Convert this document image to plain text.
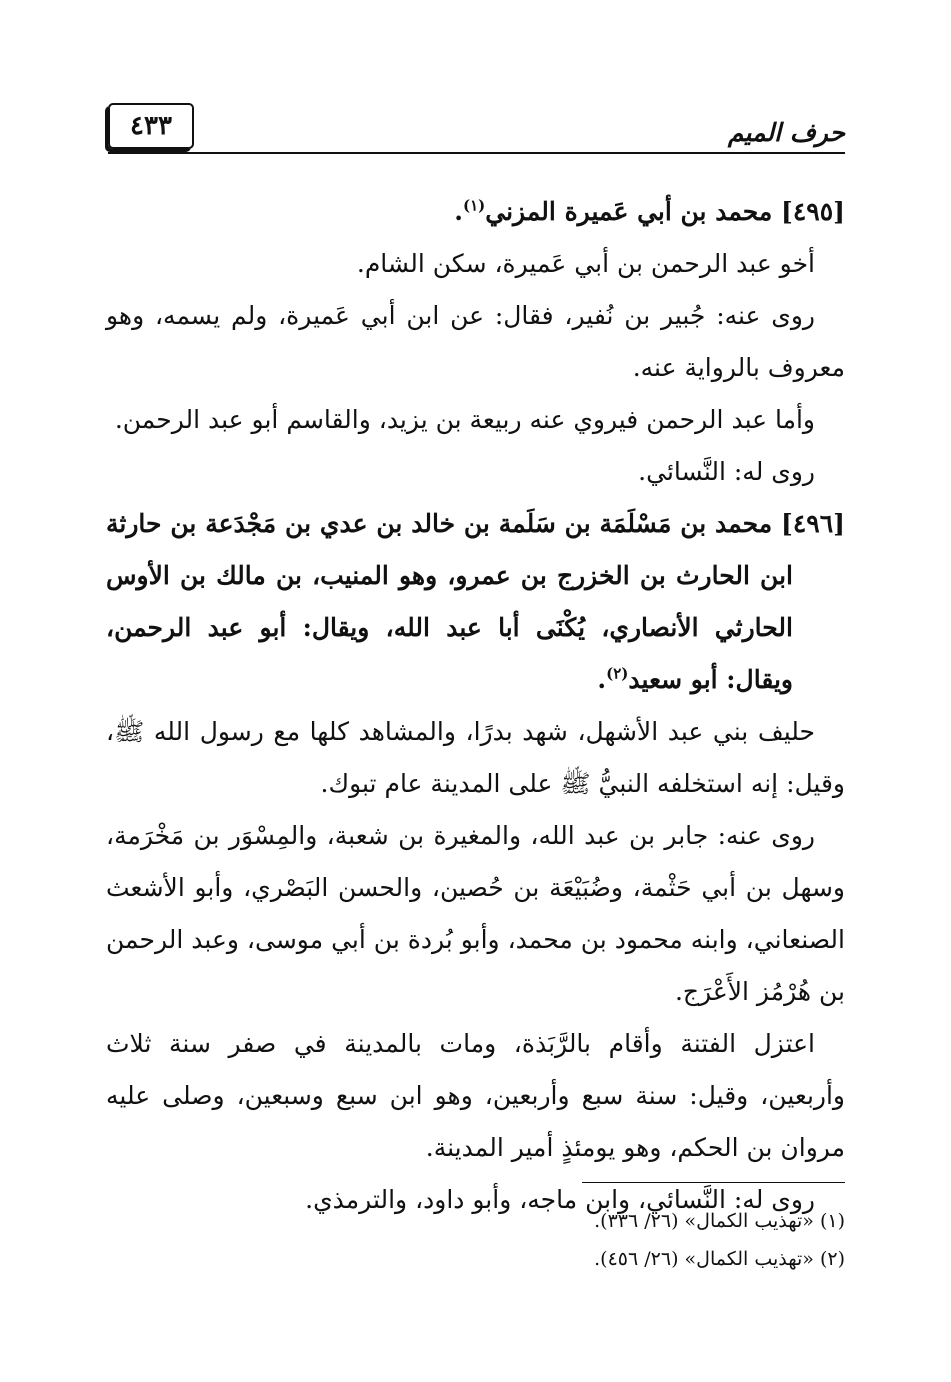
حرف الميم
٤٣٣

[٤٩٥] محمد بن أبي عَميرة المزني$^{(١)}$.

أخو عبد الرحمن بن أبي عَميرة، سكن الشام.

روى عنه: جُبير بن نُفير، فقال: عن ابن أبي عَميرة، ولم يسمه، وهو معروف بالرواية عنه.

وأما عبد الرحمن فيروي عنه ربيعة بن يزيد، والقاسم أبو عبد الرحمن.

روى له: النَّسائي.

[٤٩٦] محمد بن مَسْلَمَة بن سَلَمة بن خالد بن عدي بن مَجْدَعة بن حارثة ابن الحارث بن الخزرج بن عمرو، وهو المنيب، بن مالك بن الأوس الحارثي الأنصاري، يُكْنَى أبا عبد الله، ويقال: أبو عبد الرحمن، ويقال: أبو سعيد$^{(٢)}$.

حليف بني عبد الأشهل، شهد بدرًا، والمشاهد كلها مع رسول الله ﷺ، وقيل: إنه استخلفه النبيُّ ﷺ على المدينة عام تبوك.

روى عنه: جابر بن عبد الله، والمغيرة بن شعبة، والمِسْوَر بن مَخْرَمة، وسهل بن أبي حَثْمة، وضُبَيْعَة بن حُصين، والحسن البَصْري، وأبو الأشعث الصنعاني، وابنه محمود بن محمد، وأبو بُردة بن أبي موسى، وعبد الرحمن بن هُرْمُز الأَعْرَج.

اعتزل الفتنة وأقام بالرَّبَذة، ومات بالمدينة في صفر سنة ثلاث وأربعين، وقيل: سنة سبع وأربعين، وهو ابن سبع وسبعين، وصلى عليه مروان بن الحكم، وهو يومئذٍ أمير المدينة.

روى له: النَّسائي، وابن ماجه، وأبو داود، والترمذي.

(١) «تهذيب الكمال» (٢٦/ ٣٣٦).

(٢) «تهذيب الكمال» (٢٦/ ٤٥٦).
